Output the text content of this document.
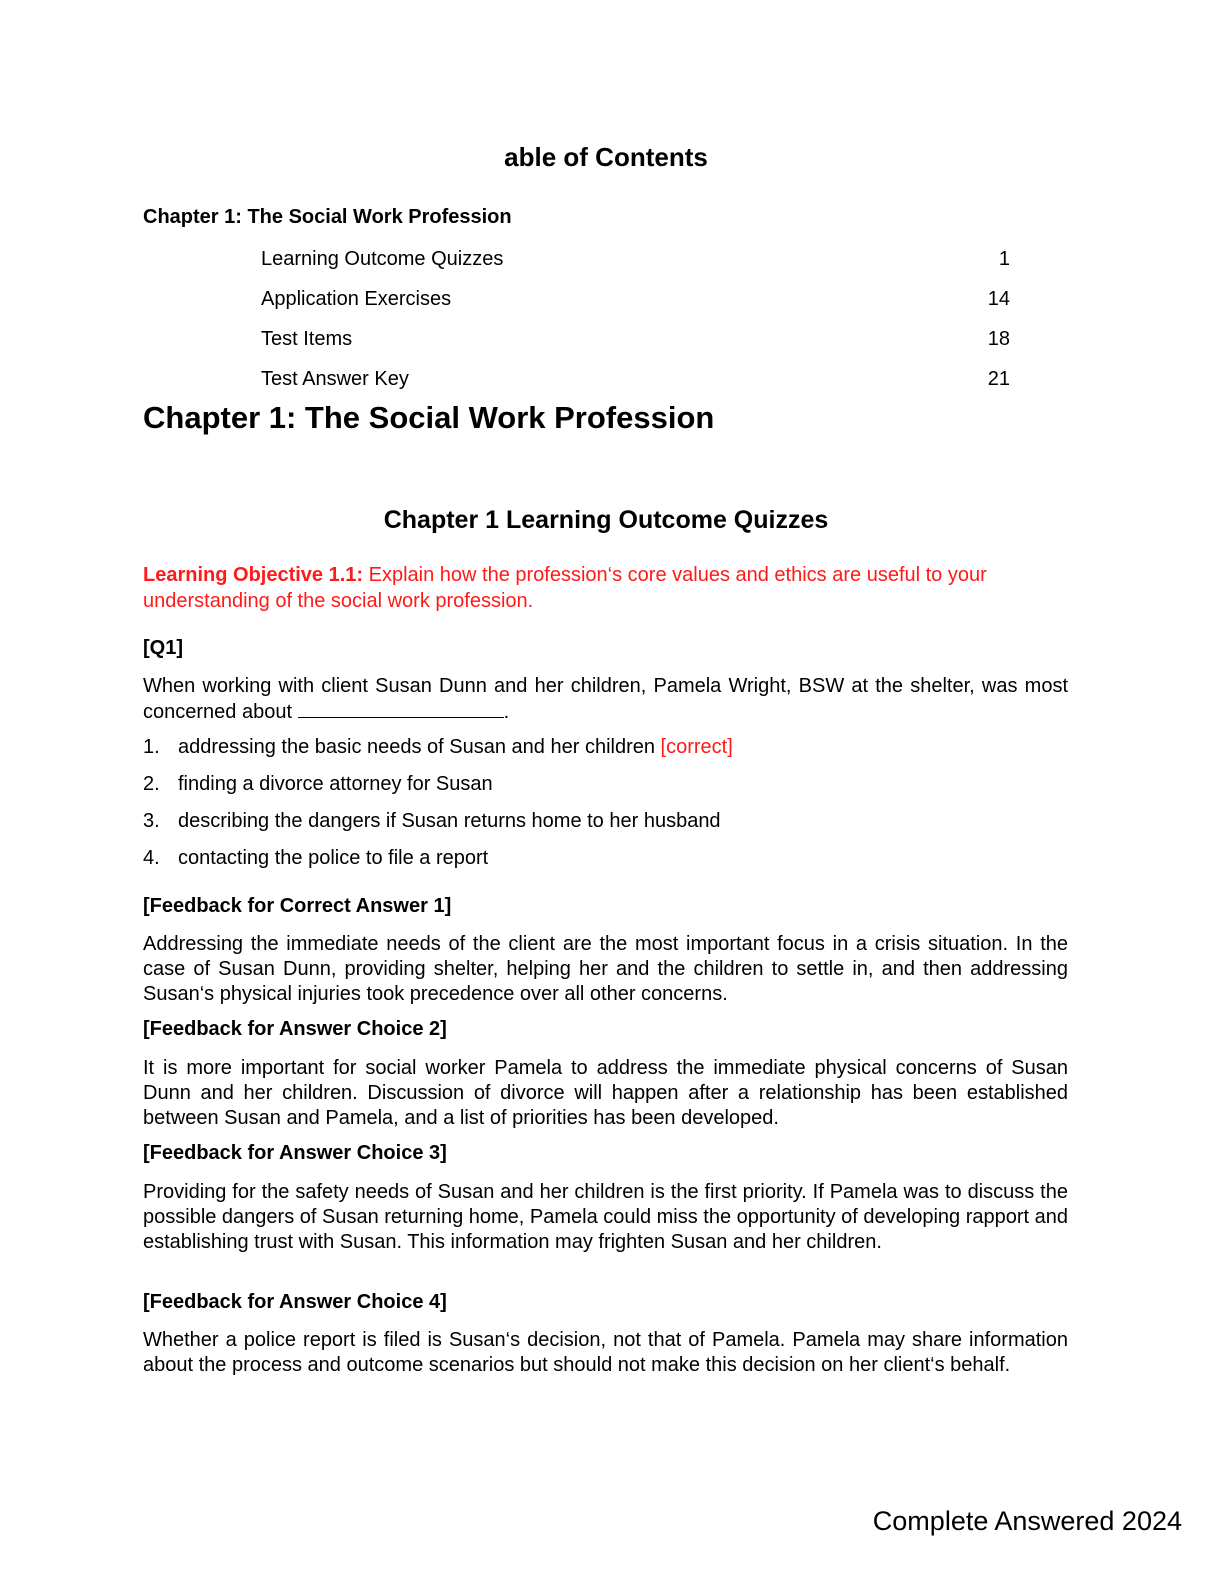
able of Contents
Chapter 1: The Social Work Profession
Learning Outcome Quizzes	1
Application Exercises	14
Test Items	18
Test Answer Key	21
Chapter 1: The Social Work Profession
Chapter 1 Learning Outcome Quizzes
Learning Objective 1.1: Explain how the profession‘s core values and ethics are useful to your understanding of the social work profession.
[Q1]
When working with client Susan Dunn and her children, Pamela Wright, BSW at the shelter, was most concerned about	.
1. addressing the basic needs of Susan and her children [correct]
2. finding a divorce attorney for Susan
3. describing the dangers if Susan returns home to her husband
4. contacting the police to file a report
[Feedback for Correct Answer 1]
Addressing the immediate needs of the client are the most important focus in a crisis situation. In the case of Susan Dunn, providing shelter, helping her and the children to settle in, and then addressing Susan‘s physical injuries took precedence over all other concerns.
[Feedback for Answer Choice 2]
It is more important for social worker Pamela to address the immediate physical concerns of Susan Dunn and her children. Discussion of divorce will happen after a relationship has been established between Susan and Pamela, and a list of priorities has been developed.
[Feedback for Answer Choice 3]
Providing for the safety needs of Susan and her children is the first priority. If Pamela was to discuss the possible dangers of Susan returning home, Pamela could miss the opportunity of developing rapport and establishing trust with Susan. This information may frighten Susan and her children.
[Feedback for Answer Choice 4]
Whether a police report is filed is Susan‘s decision, not that of Pamela. Pamela may share information about the process and outcome scenarios but should not make this decision on her client‘s behalf.
Complete Answered 2024
